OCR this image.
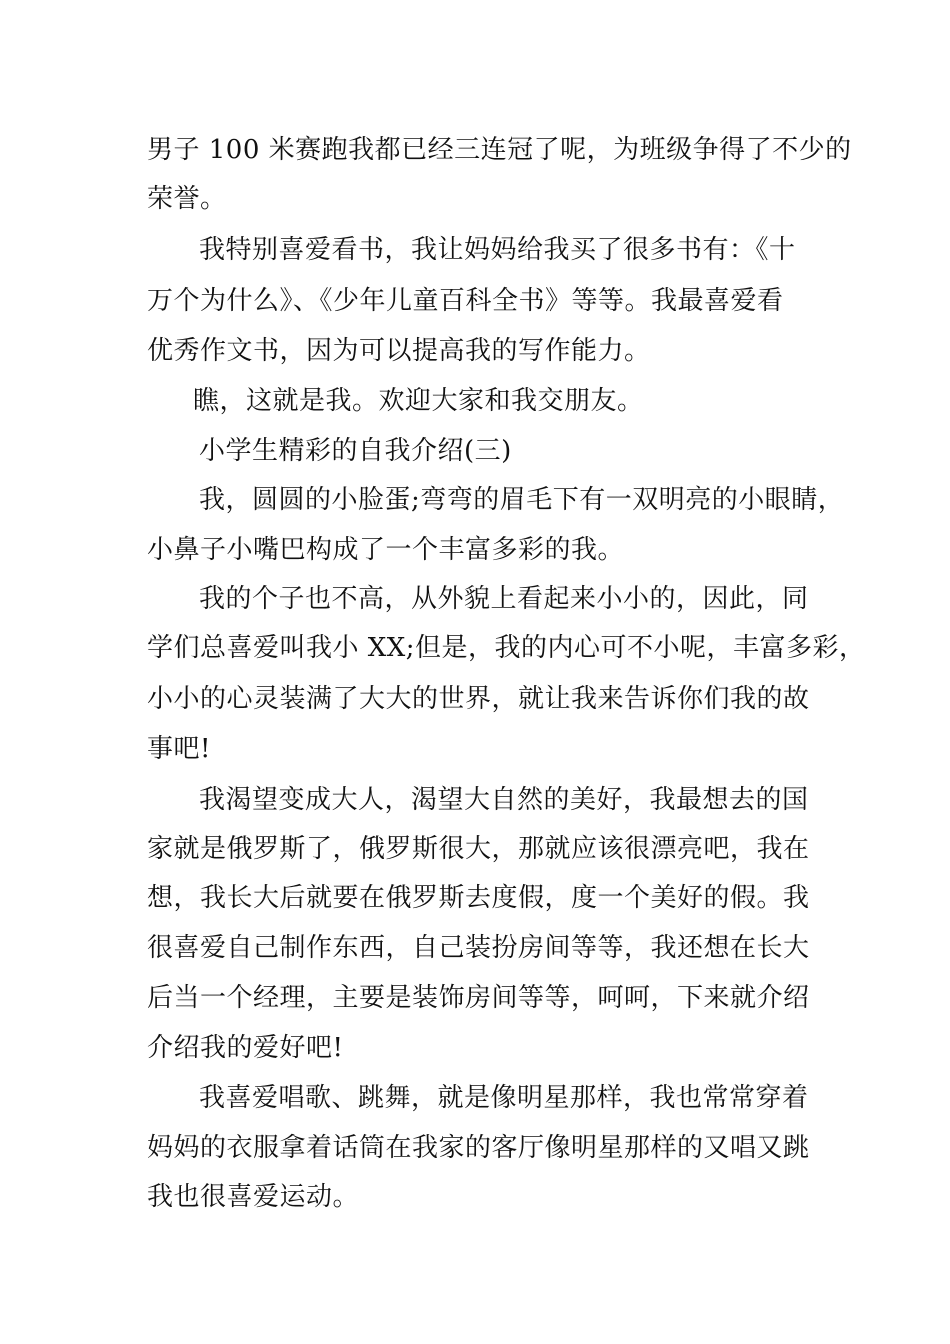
男子 100 米赛跑我都已经三连冠了呢，为班级争得了不少的
荣誉。
我特别喜爱看书，我让妈妈给我买了很多书有：《十
万个为什么》、《少年儿童百科全书》等等。我最喜爱看
优秀作文书，因为可以提高我的写作能力。
瞧，这就是我。欢迎大家和我交朋友。
小学生精彩的自我介绍(三)
我，圆圆的小脸蛋;弯弯的眉毛下有一双明亮的小眼睛，
小鼻子小嘴巴构成了一个丰富多彩的我。
我的个子也不高，从外貌上看起来小小的，因此，同
学们总喜爱叫我小 XX;但是，我的内心可不小呢，丰富多彩，
小小的心灵装满了大大的世界，就让我来告诉你们我的故
事吧!
我渴望变成大人，渴望大自然的美好，我最想去的国
家就是俄罗斯了，俄罗斯很大，那就应该很漂亮吧，我在
想，我长大后就要在俄罗斯去度假，度一个美好的假。我
很喜爱自己制作东西，自己装扮房间等等，我还想在长大
后当一个经理，主要是装饰房间等等，呵呵，下来就介绍
介绍我的爱好吧!
我喜爱唱歌、跳舞，就是像明星那样，我也常常穿着
妈妈的衣服拿着话筒在我家的客厅像明星那样的又唱又跳
我也很喜爱运动。
